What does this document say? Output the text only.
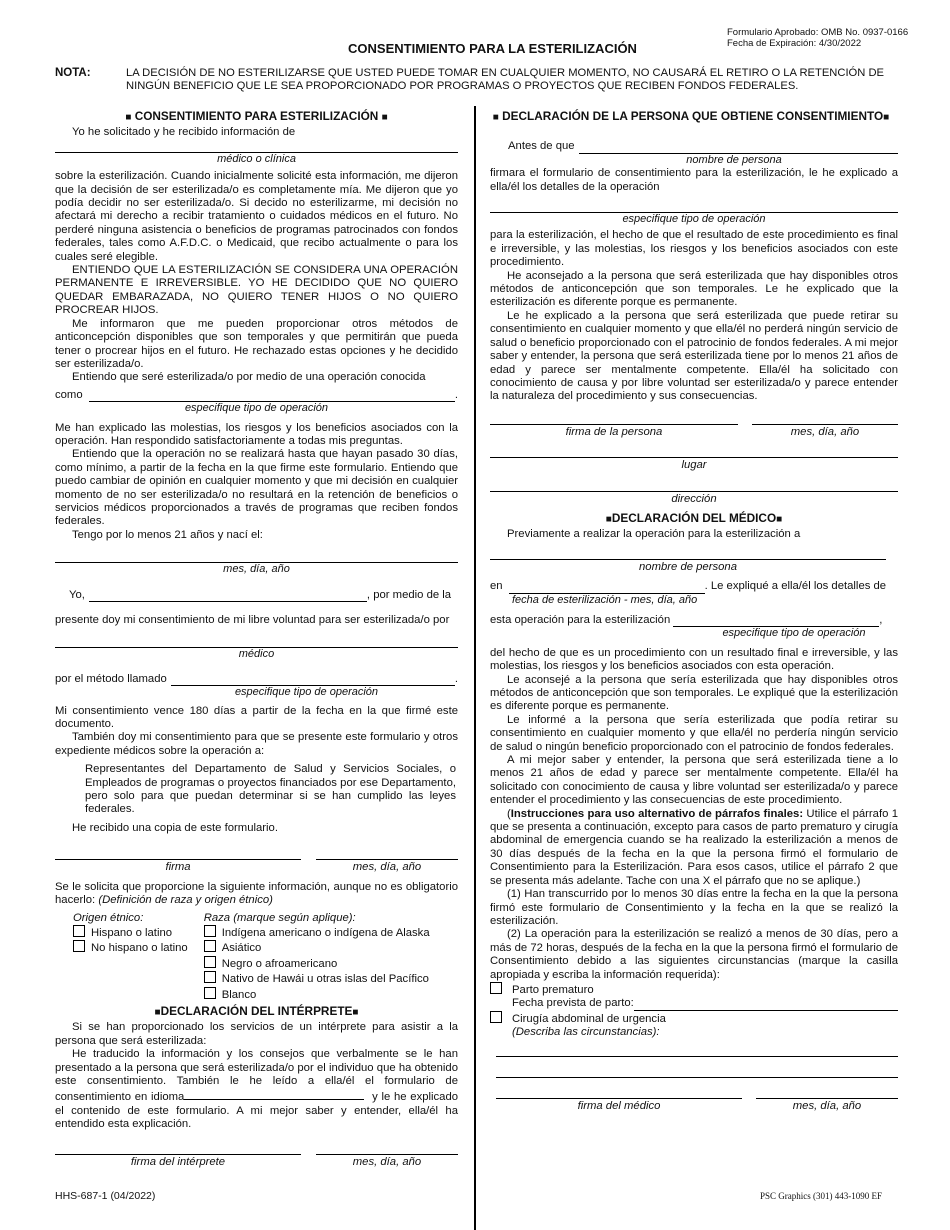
Formulario Aprobado: OMB No. 0937-0166
Fecha de Expiración: 4/30/2022
CONSENTIMIENTO PARA LA ESTERILIZACIÓN
NOTA:	LA DECISIÓN DE NO ESTERILIZARSE QUE USTED PUEDE TOMAR EN CUALQUIER MOMENTO, NO CAUSARÁ EL RETIRO O LA RETENCIÓN DE NINGÚN BENEFICIO QUE LE SEA PROPORCIONADO POR PROGRAMAS O PROYECTOS QUE RECIBEN FONDOS FEDERALES.
■ CONSENTIMIENTO PARA ESTERILIZACIÓN ■

Yo he solicitado y he recibido información de

médico o clínica

sobre la esterilización. Cuando inicialmente solicité esta información, me dijeron que la decisión de ser esterilizada/o es completamente mía. Me dijeron que yo podía decidir no ser esterilizada/o. Si decido no esterilizarme, mi decisión no afectará mi derecho a recibir tratamiento o cuidados médicos en el futuro. No perderé ninguna asistencia o beneficios de programas patrocinados con fondos federales, tales como A.F.D.C. o Medicaid, que recibo actualmente o para los cuales seré elegible.

ENTIENDO QUE LA ESTERILIZACIÓN SE CONSIDERA UNA OPERACIÓN PERMANENTE E IRREVERSIBLE. YO HE DECIDIDO QUE NO QUIERO QUEDAR EMBARAZADA, NO QUIERO TENER HIJOS O NO QUIERO PROCREAR HIJOS.

Me informaron que me pueden proporcionar otros métodos de anticoncepción disponibles que son temporales y que permitirán que pueda tener o procrear hijos en el futuro. He rechazado estas opciones y he decidido ser esterilizada/o.

Entiendo que seré esterilizada/o por medio de una operación conocida

como	.
especifique tipo de operación

Me han explicado las molestias, los riesgos y los beneficios asociados con la operación. Han respondido satisfactoriamente a todas mis preguntas.

Entiendo que la operación no se realizará hasta que hayan pasado 30 días, como mínimo, a partir de la fecha en la que firme este formulario. Entiendo que puedo cambiar de opinión en cualquier momento y que mi decisión en cualquier momento de no ser esterilizada/o no resultará en la retención de beneficios o servicios médicos proporcionados a través de programas que reciben fondos federales.

Tengo por lo menos 21 años y nací el:

mes, día, año
Yo,	, por medio de la

presente doy mi consentimiento de mi libre voluntad para ser esterilizada/o por

médico
por el método llamado	.
especifique tipo de operación

Mi consentimiento vence 180 días a partir de la fecha en la que firmé este documento.

También doy mi consentimiento para que se presente este formulario y otros expediente médicos sobre la operación a:

Representantes del Departamento de Salud y Servicios Sociales, o Empleados de programas o proyectos financiados por ese Departamento, pero solo para que puedan determinar si se han cumplido las leyes federales.

He recibido una copia de este formulario.

firma	mes, día, año

Se le solicita que proporcione la siguiente información, aunque no es obligatorio hacerlo: (Definición de raza y origen étnico)

Origen étnico:
Hispano o latino
No hispano o latino
Raza (marque según aplique):
Indígena americano o indígena de Alaska
Asiático
Negro o afroamericano
Nativo de Hawái u otras islas del Pacífico
Blanco
■DECLARACIÓN DEL INTÉRPRETE■

Si se han proporcionado los servicios de un intérprete para asistir a la persona que será esterilizada:

He traducido la información y los consejos que verbalmente se le han presentado a la persona que será esterilizada/o por el individuo que ha obtenido este consentimiento. También le he leído a ella/él el formulario de consentimiento en idioma	y le he explicado el contenido de este formulario. A mi mejor saber y entender, ella/él ha entendido esta explicación.

firma del intérprete	mes, día, año
■ DECLARACIÓN DE LA PERSONA QUE OBTIENE CONSENTIMIENTO■
Antes de que
nombre de persona

firmara el formulario de consentimiento para la esterilización, le he explicado a ella/él los detalles de la operación

especifique tipo de operación

para la esterilización, el hecho de que el resultado de este procedimiento es final e irreversible, y las molestias, los riesgos y los beneficios asociados con este procedimiento.

He aconsejado a la persona que será esterilizada que hay disponibles otros métodos de anticoncepción que son temporales. Le he explicado que la esterilización es diferente porque es permanente.

Le he explicado a la persona que será esterilizada que puede retirar su consentimiento en cualquier momento y que ella/él no perderá ningún servicio de salud o beneficio proporcionado con el patrocinio de fondos federales. A mi mejor saber y entender, la persona que será esterilizada tiene por lo menos 21 años de edad y parece ser mentalmente competente. Ella/él ha solicitado con conocimiento de causa y por libre voluntad ser esterilizada/o y parece entender la naturaleza del procedimiento y sus consecuencias.

firma de la persona	mes, día, año
lugar
dirección
■DECLARACIÓN DEL MÉDICO■

Previamente a realizar la operación para la esterilización a

nombre de persona
en	. Le expliqué a ella/él los detalles de
fecha de esterilización - mes, día, año
esta operación para la esterilización	,
especifique tipo de operación

del hecho de que es un procedimiento con un resultado final e irreversible, y las molestias, los riesgos y los beneficios asociados con esta operación.

Le aconsejé a la persona que sería esterilizada que hay disponibles otros métodos de anticoncepción que son temporales. Le expliqué que la esterilización es diferente porque es permanente.

Le informé a la persona que sería esterilizada que podía retirar su consentimiento en cualquier momento y que ella/él no perdería ningún servicio de salud o ningún beneficio proporcionado con el patrocinio de fondos federales.

A mi mejor saber y entender, la persona que será esterilizada tiene a lo menos 21 años de edad y parece ser mentalmente competente. Ella/él ha solicitado con conocimiento de causa y libre voluntad ser esterilizada/o y parece entender el procedimiento y las consecuencias de este procedimiento.

(Instrucciones para uso alternativo de párrafos finales: Utilice el párrafo 1 que se presenta a continuación, excepto para casos de parto prematuro y cirugía abdominal de emergencia cuando se ha realizado la esterilización a menos de 30 días después de la fecha en la que la persona firmó el formulario de Consentimiento para la Esterilización. Para esos casos, utilice el párrafo 2 que se presenta más adelante. Tache con una X el párrafo que no se aplique.)

(1) Han transcurrido por lo menos 30 días entre la fecha en la que la persona firmó este formulario de Consentimiento y la fecha en la que se realizó la esterilización.

(2) La operación para la esterilización se realizó a menos de 30 días, pero a más de 72 horas, después de la fecha en la que la persona firmó el formulario de Consentimiento debido a las siguientes circunstancias (marque la casilla apropiada y escriba la información requerida):

Parto prematuro
Fecha prevista de parto:
Cirugía abdominal de urgencia
(Describa las circunstancias):
firma del médico	mes, día, año
HHS-687-1 (04/2022)	PSC Graphics (301) 443-1090 EF
